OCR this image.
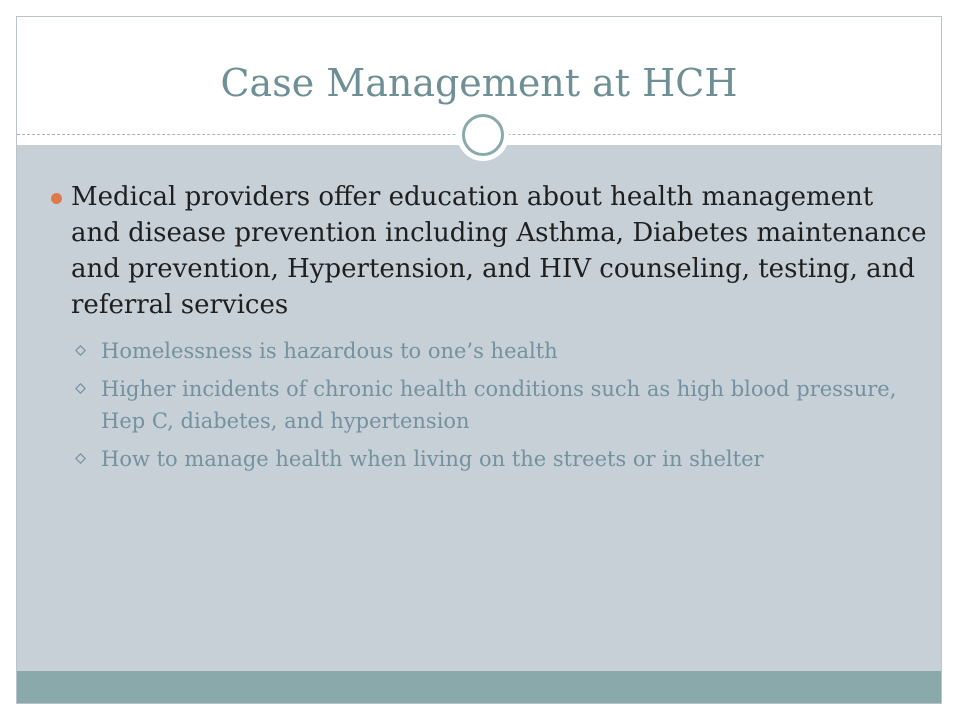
Case Management at HCH
Medical providers offer education about health management and disease prevention including Asthma, Diabetes maintenance and prevention, Hypertension, and HIV counseling, testing, and referral services
Homelessness is hazardous to one’s health
Higher incidents of chronic health conditions such as high blood pressure, Hep C, diabetes, and hypertension
How to manage health when living on the streets or in shelter
